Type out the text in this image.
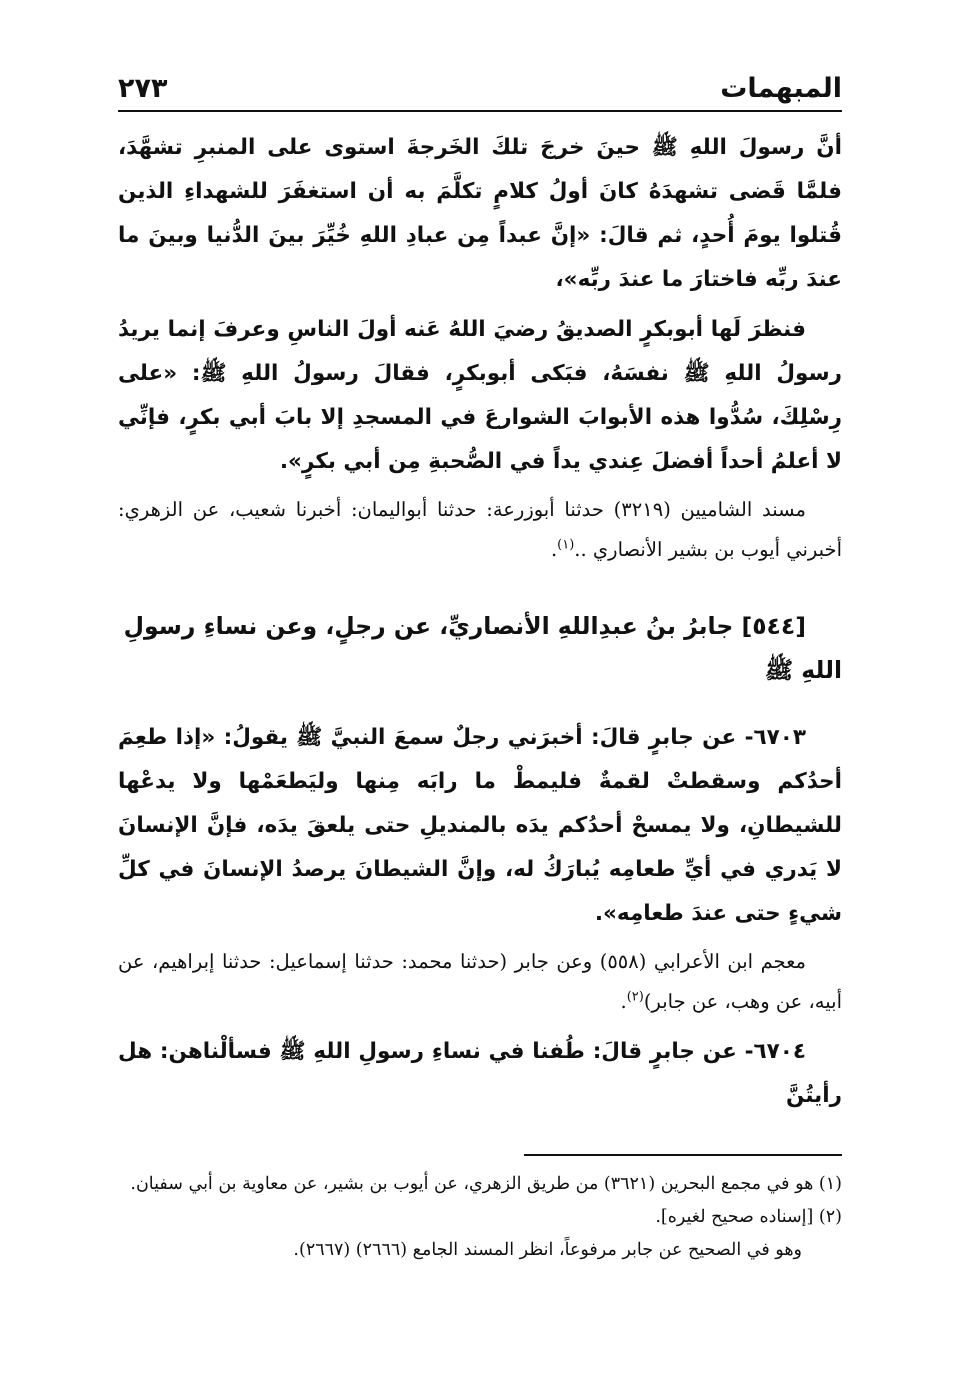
المبهمات
٢٧٣

أنَّ رسولَ اللهِ ﷺ حينَ خرجَ تلكَ الخَرجةَ استوى على المنبرِ تشهَّدَ، فلمَّا قَضى تشهدَهُ كانَ أولُ كلامٍ تكلَّمَ به أن استغفَرَ للشهداءِ الذين قُتلوا يومَ أُحدٍ، ثم قالَ: «إنَّ عبداً مِن عبادِ اللهِ خُيِّرَ بينَ الدُّنيا وبينَ ما عندَ ربِّه فاختارَ ما عندَ ربِّه»،

فنظرَ لَها أبوبكرٍ الصديقُ رضيَ اللهُ عَنه أولَ الناسِ وعرفَ إنما يريدُ رسولُ اللهِ ﷺ نفسَهُ، فبَكى أبوبكرٍ، فقالَ رسولُ اللهِ ﷺ: «على رِسْلِكَ، سُدُّوا هذه الأبوابَ الشوارعَ في المسجدِ إلا بابَ أبي بكرٍ، فإنِّي لا أعلمُ أحداً أفضلَ عِندي يداً في الصُّحبةِ مِن أبي بكرٍ».

مسند الشاميين (٣٢١٩) حدثنا أبوزرعة: حدثنا أبواليمان: أخبرنا شعيب، عن الزهري: أخبرني أيوب بن بشير الأنصاري ..$^{(١)}$.

[٥٤٤] جابرُ بنُ عبدِاللهِ الأنصاريِّ، عن رجلٍ، وعن نساءِ رسولِ اللهِ ﷺ

٦٧٠٣- عن جابرٍ قالَ: أخبرَني رجلٌ سمعَ النبيَّ ﷺ يقولُ: «إذا طعِمَ أحدُكم وسقطتْ لقمةٌ فليمطْ ما رابَه مِنها وليَطعَمْها ولا يدعْها للشيطانِ، ولا يمسحْ أحدُكم يدَه بالمنديلِ حتى يلعقَ يدَه، فإنَّ الإنسانَ لا يَدري في أيِّ طعامِه يُبارَكُ له، وإنَّ الشيطانَ يرصدُ الإنسانَ في كلِّ شيءٍ حتى عندَ طعامِه».

معجم ابن الأعرابي (٥٥٨) وعن جابر (حدثنا محمد: حدثنا إسماعيل: حدثنا إبراهيم، عن أبيه، عن وهب، عن جابر)$^{(٢)}$.

٦٧٠٤- عن جابرٍ قالَ: طُفنا في نساءِ رسولِ اللهِ ﷺ فسألْناهن: هل رأيتُنَّ

(١) هو في مجمع البحرين (٣٦٢١) من طريق الزهري، عن أيوب بن بشير، عن معاوية بن أبي سفيان.

(٢) [إسناده صحيح لغيره].

وهو في الصحيح عن جابر مرفوعاً، انظر المسند الجامع (٢٦٦٦) (٢٦٦٧).
